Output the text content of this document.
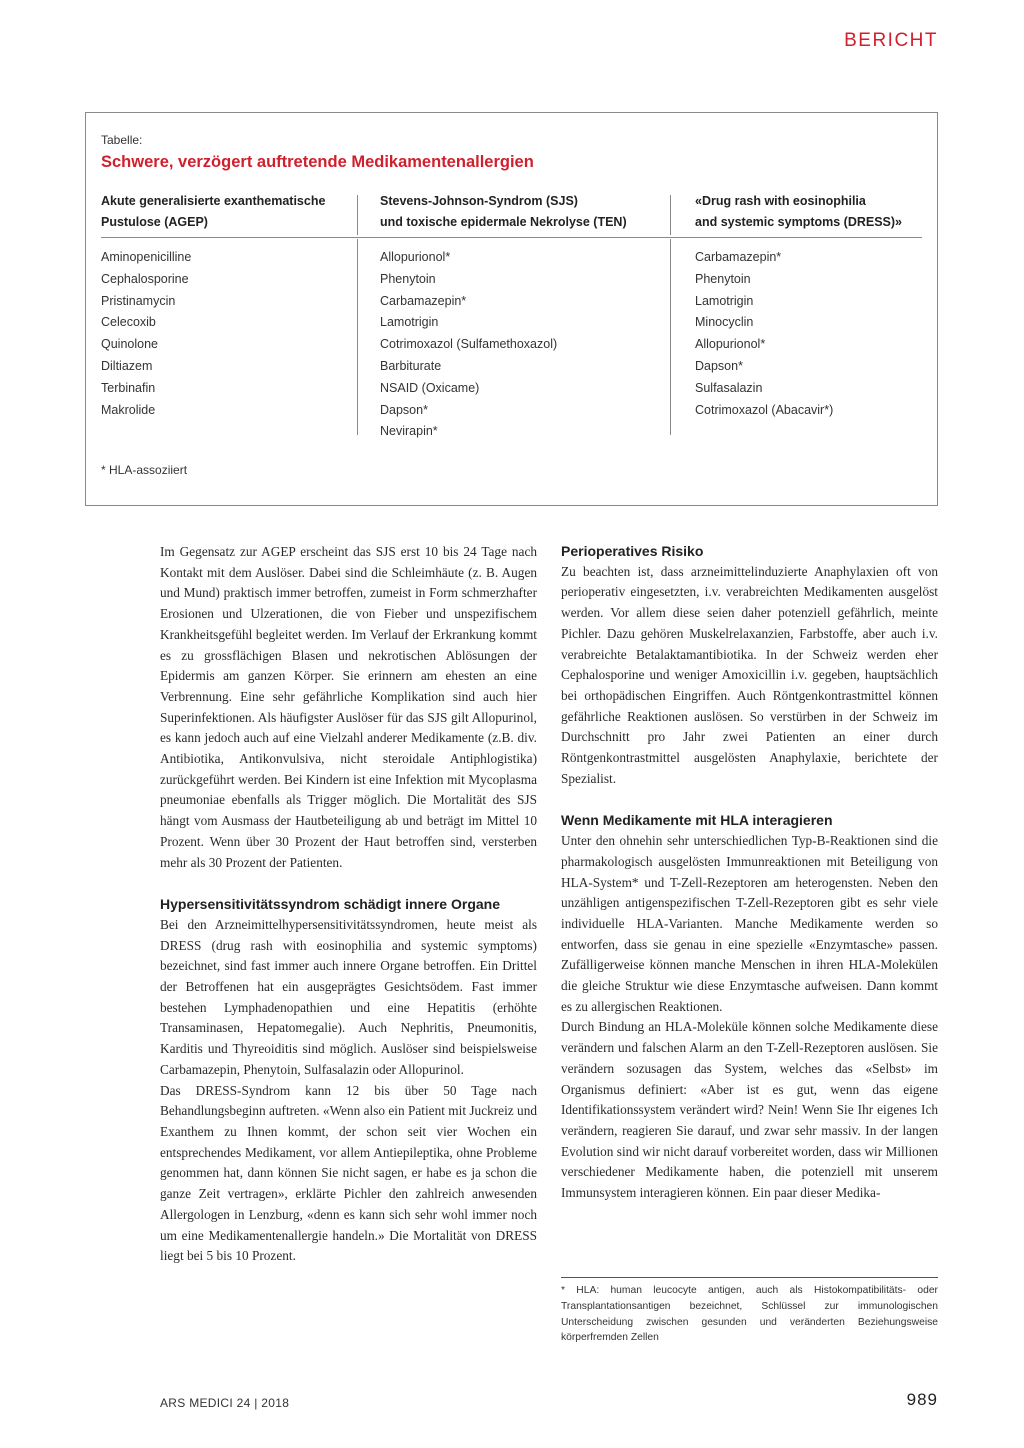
BERICHT
Tabelle:
Schwere, verzögert auftretende Medikamentenallergien
Akute generalisierte exanthematische
Pustulose (AGEP)
Aminopenicilline
Cephalosporine
Pristinamycin
Celecoxib
Quinolone
Diltiazem
Terbinafin
Makrolide
Stevens-Johnson-Syndrom (SJS)
und toxische epidermale Nekrolyse (TEN)
Allopurionol*
Phenytoin
Carbamazepin*
Lamotrigin
Cotrimoxazol (Sulfamethoxazol)
Barbiturate
NSAID (Oxicame)
Dapson*
Nevirapin*
«Drug rash with eosinophilia
and systemic symptoms (DRESS)»
Carbamazepin*
Phenytoin
Lamotrigin
Minocyclin
Allopurionol*
Dapson*
Sulfasalazin
Cotrimoxazol (Abacavir*)
* HLA-assoziiert

Im Gegensatz zur AGEP erscheint das SJS erst 10 bis 24 Tage nach Kontakt mit dem Auslöser. Dabei sind die Schleimhäute (z. B. Augen und Mund) praktisch immer betroffen, zumeist in Form schmerzhafter Erosionen und Ulzerationen, die von Fieber und unspezifischem Krankheitsgefühl begleitet werden. Im Verlauf der Erkrankung kommt es zu grossflächigen Blasen und nekrotischen Ablösungen der Epidermis am ganzen Körper. Sie erinnern am ehesten an eine Verbrennung. Eine sehr gefährliche Komplikation sind auch hier Superinfektionen. Als häufigster Auslöser für das SJS gilt Allopurinol, es kann jedoch auch auf eine Vielzahl anderer Medikamente (z.B. div. Antibiotika, Antikonvulsiva, nicht steroidale Antiphlogistika) zurückgeführt werden. Bei Kindern ist eine Infektion mit Mycoplasma pneumoniae ebenfalls als Trigger möglich. Die Mortalität des SJS hängt vom Ausmass der Hautbeteiligung ab und beträgt im Mittel 10 Prozent. Wenn über 30 Prozent der Haut betroffen sind, versterben mehr als 30 Prozent der Patienten.

Hypersensitivitätssyndrom schädigt innere Organe

Bei den Arzneimittelhypersensitivitätssyndromen, heute meist als DRESS (drug rash with eosinophilia and systemic symptoms) bezeichnet, sind fast immer auch innere Organe betroffen. Ein Drittel der Betroffenen hat ein ausgeprägtes Gesichtsödem. Fast immer bestehen Lymphadenopathien und eine Hepatitis (erhöhte Transaminasen, Hepatomegalie). Auch Nephritis, Pneumonitis, Karditis und Thyreoiditis sind möglich. Auslöser sind beispielsweise Carbamazepin, Phenytoin, Sulfasalazin oder Allopurinol.

Das DRESS-Syndrom kann 12 bis über 50 Tage nach Behandlungsbeginn auftreten. «Wenn also ein Patient mit Juckreiz und Exanthem zu Ihnen kommt, der schon seit vier Wochen ein entsprechendes Medikament, vor allem Antiepileptika, ohne Probleme genommen hat, dann können Sie nicht sagen, er habe es ja schon die ganze Zeit vertragen», erklärte Pichler den zahlreich anwesenden Allergologen in Lenzburg, «denn es kann sich sehr wohl immer noch um eine Medikamentenallergie handeln.» Die Mortalität von DRESS liegt bei 5 bis 10 Prozent.

Perioperatives Risiko

Zu beachten ist, dass arzneimittelinduzierte Anaphylaxien oft von perioperativ eingesetzten, i.v. verabreichten Medikamenten ausgelöst werden. Vor allem diese seien daher potenziell gefährlich, meinte Pichler. Dazu gehören Muskelrelaxanzien, Farbstoffe, aber auch i.v. verabreichte Betalaktamantibiotika. In der Schweiz werden eher Cephalosporine und weniger Amoxicillin i.v. gegeben, hauptsächlich bei orthopädischen Eingriffen. Auch Röntgenkontrastmittel können gefährliche Reaktionen auslösen. So verstürben in der Schweiz im Durchschnitt pro Jahr zwei Patienten an einer durch Röntgenkontrastmittel ausgelösten Anaphylaxie, berichtete der Spezialist.

Wenn Medikamente mit HLA interagieren

Unter den ohnehin sehr unterschiedlichen Typ-B-Reaktionen sind die pharmakologisch ausgelösten Immunreaktionen mit Beteiligung von HLA-System* und T-Zell-Rezeptoren am heterogensten. Neben den unzähligen antigenspezifischen T-Zell-Rezeptoren gibt es sehr viele individuelle HLA-Varianten. Manche Medikamente werden so entworfen, dass sie genau in eine spezielle «Enzymtasche» passen. Zufälligerweise können manche Menschen in ihren HLA-Molekülen die gleiche Struktur wie diese Enzymtasche aufweisen. Dann kommt es zu allergischen Reaktionen.

Durch Bindung an HLA-Moleküle können solche Medikamente diese verändern und falschen Alarm an den T-Zell-Rezeptoren auslösen. Sie verändern sozusagen das System, welches das «Selbst» im Organismus definiert: «Aber ist es gut, wenn das eigene Identifikationssystem verändert wird? Nein! Wenn Sie Ihr eigenes Ich verändern, reagieren Sie darauf, und zwar sehr massiv. In der langen Evolution sind wir nicht darauf vorbereitet worden, dass wir Millionen verschiedener Medikamente haben, die potenziell mit unserem Immunsystem interagieren können. Ein paar dieser Medika-

* HLA: human leucocyte antigen, auch als Histokompatibilitäts- oder Transplantationsantigen bezeichnet, Schlüssel zur immunologischen Unterscheidung zwischen gesunden und veränderten Beziehungsweise körperfremden Zellen
ARS MEDICI 24 | 2018	989
